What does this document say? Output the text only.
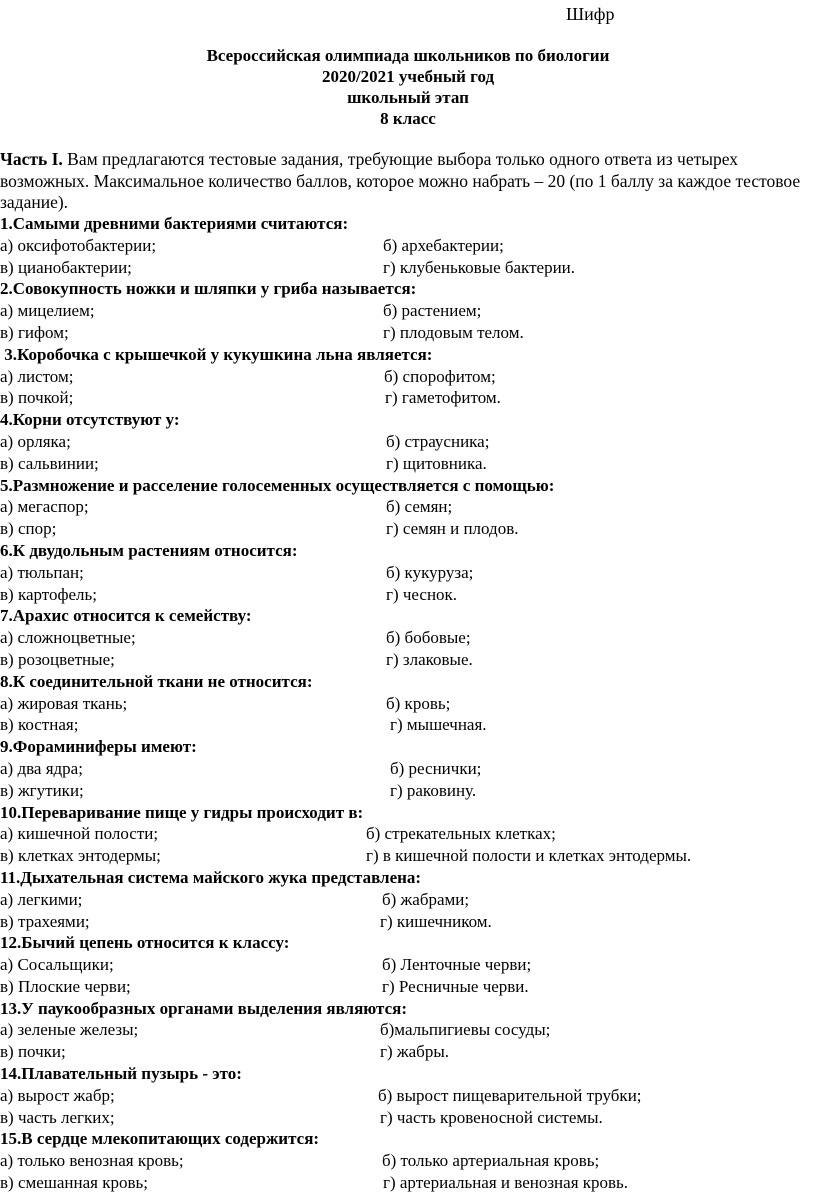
Шифр
Всероссийская олимпиада школьников по биологии
2020/2021 учебный год
школьный этап
8 класс
Часть I. Вам предлагаются тестовые задания, требующие выбора только одного ответа из четырех возможных. Максимальное количество баллов, которое можно набрать – 20 (по 1 баллу за каждое тестовое задание).
1.Самыми древними бактериями считаются:
а) оксифотобактерии;	б) архебактерии;
в) цианобактерии;	г) клубеньковые бактерии.
2.Совокупность ножки и шляпки у гриба называется:
а) мицелием;	б) растением;
в) гифом;	г) плодовым телом.
3.Коробочка с крышечкой у кукушкина льна является:
а) листом;	б) спорофитом;
в) почкой;	г) гаметофитом.
4.Корни отсутствуют у:
а) орляка;	б) страусника;
в) сальвинии;	г) щитовника.
5.Размножение и расселение голосеменных осуществляется с помощью:
а) мегаспор;	б) семян;
в) спор;	г) семян и плодов.
6.К двудольным растениям относится:
а) тюльпан;	б) кукуруза;
в) картофель;	г) чеснок.
7.Арахис относится к семейству:
а) сложноцветные;	б) бобовые;
в) розоцветные;	г) злаковые.
8.К соединительной ткани не относится:
а) жировая ткань;	б) кровь;
в) костная;	г) мышечная.
9.Фораминиферы имеют:
а) два ядра;	б) реснички;
в) жгутики;	г) раковину.
10.Переваривание пище у гидры происходит в:
а) кишечной полости;	б) стрекательных клетках;
в) клетках энтодермы;	г) в кишечной полости и клетках энтодермы.
11.Дыхательная система майского жука представлена:
а) легкими;	б) жабрами;
в) трахеями;	г) кишечником.
12.Бычий цепень относится к классу:
а) Сосальщики;	б) Ленточные черви;
в) Плоские черви;	г) Ресничные черви.
13.У паукообразных органами выделения являются:
а) зеленые железы;	б)мальпигиевы сосуды;
в) почки;	г) жабры.
14.Плавательный пузырь - это:
а) вырост жабр;	б) вырост пищеварительной трубки;
в) часть легких;	г) часть кровеносной системы.
15.В сердце млекопитающих содержится:
а) только венозная кровь;	б) только артериальная кровь;
в) смешанная кровь;	г) артериальная и венозная кровь.
